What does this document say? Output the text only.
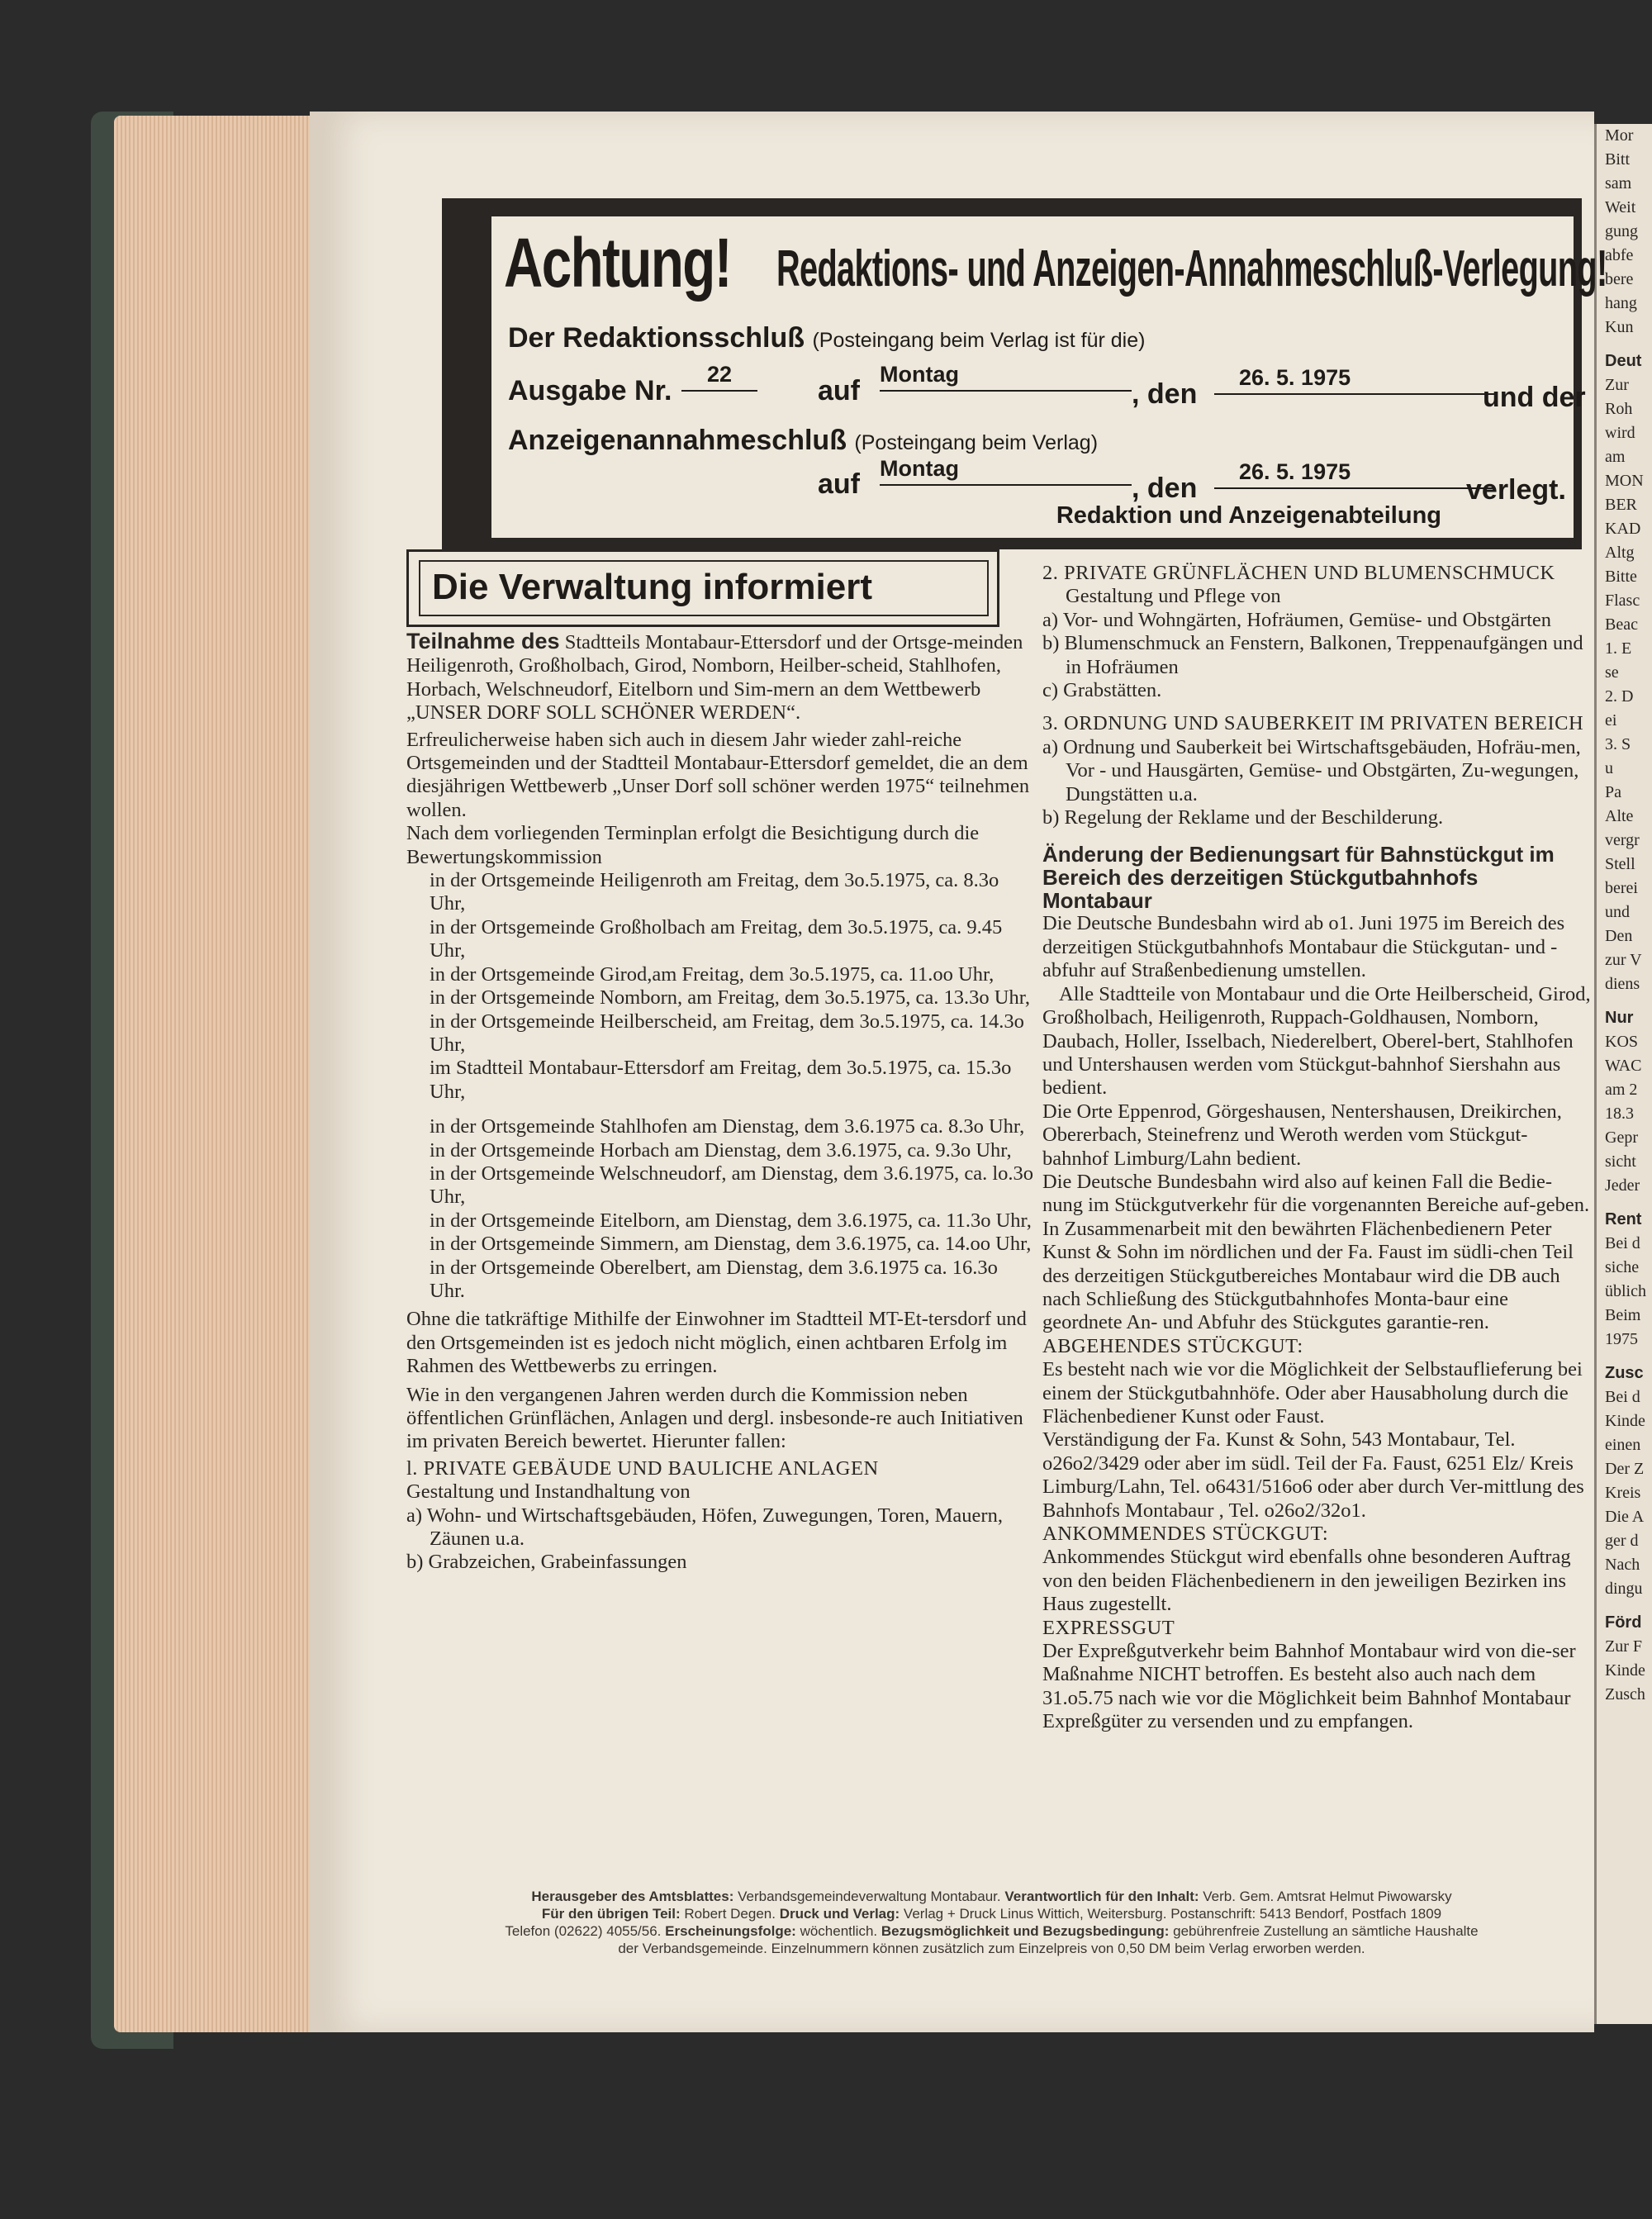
Mor
Bitt
sam
Weit
gung
abfe
bere
hang
Kun
Deut
Zur
Roh
wird
am
MON
BER
KAD
Altg
Bitte
Flasc
Beac
1. E
se
2. D
ei
3. S
u
Pa
Alte
vergr
Stell
berei
und
Den
zur V
diens
Nur
KOS
WAC
am 2
18.3
Gepr
sicht
Jeder
Rent
Bei d
siche
üblich
Beim
1975
Zusc
Bei d
Kinde
einen
Der Z
Kreis
Die A
ger d
Nach
dingu
Förd
Zur F
Kinde
Zusch
Achtung! Redaktions- und Anzeigen-Annahmeschluß-Verlegung!
Der Redaktionsschluß (Posteingang beim Verlag ist für die)
Ausgabe Nr.
22
auf
Montag
, den
26. 5. 1975
und der
Anzeigenannahmeschluß (Posteingang beim Verlag)
auf Montag
, den
26. 5. 1975
verlegt.
Redaktion und Anzeigenabteilung
Die Verwaltung informiert

Teilnahme des Stadtteils Montabaur-Ettersdorf und der Ortsge-meinden Heiligenroth, Großholbach, Girod, Nomborn, Heilber-scheid, Stahlhofen, Horbach, Welschneudorf, Eitelborn und Sim-mern an dem Wettbewerb „UNSER DORF SOLL SCHÖNER WERDEN“.

Erfreulicherweise haben sich auch in diesem Jahr wieder zahl-reiche Ortsgemeinden und der Stadtteil Montabaur-Ettersdorf gemeldet, die an dem diesjährigen Wettbewerb „Unser Dorf soll schöner werden 1975“ teilnehmen wollen.

Nach dem vorliegenden Terminplan erfolgt die Besichtigung durch die Bewertungskommission

in der Ortsgemeinde Heiligenroth am Freitag, dem 3o.5.1975, ca. 8.3o Uhr,

in der Ortsgemeinde Großholbach am Freitag, dem 3o.5.1975, ca. 9.45 Uhr,

in der Ortsgemeinde Girod,am Freitag, dem 3o.5.1975, ca. 11.oo Uhr,

in der Ortsgemeinde Nomborn, am Freitag, dem 3o.5.1975, ca. 13.3o Uhr,

in der Ortsgemeinde Heilberscheid, am Freitag, dem 3o.5.1975, ca. 14.3o Uhr,

im Stadtteil Montabaur-Ettersdorf am Freitag, dem 3o.5.1975, ca. 15.3o Uhr,

in der Ortsgemeinde Stahlhofen am Dienstag, dem 3.6.1975 ca. 8.3o Uhr,

in der Ortsgemeinde Horbach am Dienstag, dem 3.6.1975, ca. 9.3o Uhr,

in der Ortsgemeinde Welschneudorf, am Dienstag, dem 3.6.1975, ca. lo.3o Uhr,

in der Ortsgemeinde Eitelborn, am Dienstag, dem 3.6.1975, ca. 11.3o Uhr,

in der Ortsgemeinde Simmern, am Dienstag, dem 3.6.1975, ca. 14.oo Uhr,

in der Ortsgemeinde Oberelbert, am Dienstag, dem 3.6.1975 ca. 16.3o Uhr.

Ohne die tatkräftige Mithilfe der Einwohner im Stadtteil MT-Et-tersdorf und den Ortsgemeinden ist es jedoch nicht möglich, einen achtbaren Erfolg im Rahmen des Wettbewerbs zu erringen.

Wie in den vergangenen Jahren werden durch die Kommission neben öffentlichen Grünflächen, Anlagen und dergl. insbesonde-re auch Initiativen im privaten Bereich bewertet. Hierunter fallen:

l. PRIVATE GEBÄUDE UND BAULICHE ANLAGEN

Gestaltung und Instandhaltung von

a) Wohn- und Wirtschaftsgebäuden, Höfen, Zuwegungen, Toren, Mauern, Zäunen u.a.

b) Grabzeichen, Grabeinfassungen

2. PRIVATE GRÜNFLÄCHEN UND BLUMENSCHMUCK

Gestaltung und Pflege von

a) Vor- und Wohngärten, Hofräumen, Gemüse- und Obstgärten

b) Blumenschmuck an Fenstern, Balkonen, Treppenaufgängen und in Hofräumen

c) Grabstätten.

3. ORDNUNG UND SAUBERKEIT IM PRIVATEN BEREICH

a) Ordnung und Sauberkeit bei Wirtschaftsgebäuden, Hofräu-men, Vor - und Hausgärten, Gemüse- und Obstgärten, Zu-wegungen, Dungstätten u.a.

b) Regelung der Reklame und der Beschilderung.

Änderung der Bedienungsart für Bahnstückgut im Bereich des derzeitigen Stückgutbahnhofs Montabaur

Die Deutsche Bundesbahn wird ab o1. Juni 1975 im Bereich des derzeitigen Stückgutbahnhofs Montabaur die Stückgutan- und -abfuhr auf Straßenbedienung umstellen.

Alle Stadtteile von Montabaur und die Orte Heilberscheid, Girod, Großholbach, Heiligenroth, Ruppach-Goldhausen, Nomborn, Daubach, Holler, Isselbach, Niederelbert, Oberel-bert, Stahlhofen und Untershausen werden vom Stückgut-bahnhof Siershahn aus bedient.

Die Orte Eppenrod, Görgeshausen, Nentershausen, Dreikirchen, Obererbach, Steinefrenz und Weroth werden vom Stückgut-bahnhof Limburg/Lahn bedient.

Die Deutsche Bundesbahn wird also auf keinen Fall die Bedie-nung im Stückgutverkehr für die vorgenannten Bereiche auf-geben. In Zusammenarbeit mit den bewährten Flächenbedienern Peter Kunst & Sohn im nördlichen und der Fa. Faust im südli-chen Teil des derzeitigen Stückgutbereiches Montabaur wird die DB auch nach Schließung des Stückgutbahnhofes Monta-baur eine geordnete An- und Abfuhr des Stückgutes garantie-ren.

ABGEHENDES STÜCKGUT:

Es besteht nach wie vor die Möglichkeit der Selbstauflieferung bei einem der Stückgutbahnhöfe. Oder aber Hausabholung durch die Flächenbediener Kunst oder Faust.

Verständigung der Fa. Kunst & Sohn, 543 Montabaur, Tel. o26o2/3429 oder aber im südl. Teil der Fa. Faust, 6251 Elz/ Kreis Limburg/Lahn, Tel. o6431/516o6 oder aber durch Ver-mittlung des Bahnhofs Montabaur , Tel. o26o2/32o1.

ANKOMMENDES STÜCKGUT:

Ankommendes Stückgut wird ebenfalls ohne besonderen Auftrag von den beiden Flächenbedienern in den jeweiligen Bezirken ins Haus zugestellt.

EXPRESSGUT

Der Expreßgutverkehr beim Bahnhof Montabaur wird von die-ser Maßnahme NICHT betroffen. Es besteht also auch nach dem 31.o5.75 nach wie vor die Möglichkeit beim Bahnhof Montabaur Expreßgüter zu versenden und zu empfangen.

Herausgeber des Amtsblattes: Verbandsgemeindeverwaltung Montabaur. Verantwortlich für den Inhalt: Verb. Gem. Amtsrat Helmut Piwowarsky
Für den übrigen Teil: Robert Degen. Druck und Verlag: Verlag + Druck Linus Wittich, Weitersburg. Postanschrift: 5413 Bendorf, Postfach 1809
Telefon (02622) 4055/56. Erscheinungsfolge: wöchentlich. Bezugsmöglichkeit und Bezugsbedingung: gebührenfreie Zustellung an sämtliche Haushalte
der Verbandsgemeinde. Einzelnummern können zusätzlich zum Einzelpreis von 0,50 DM beim Verlag erworben werden.
